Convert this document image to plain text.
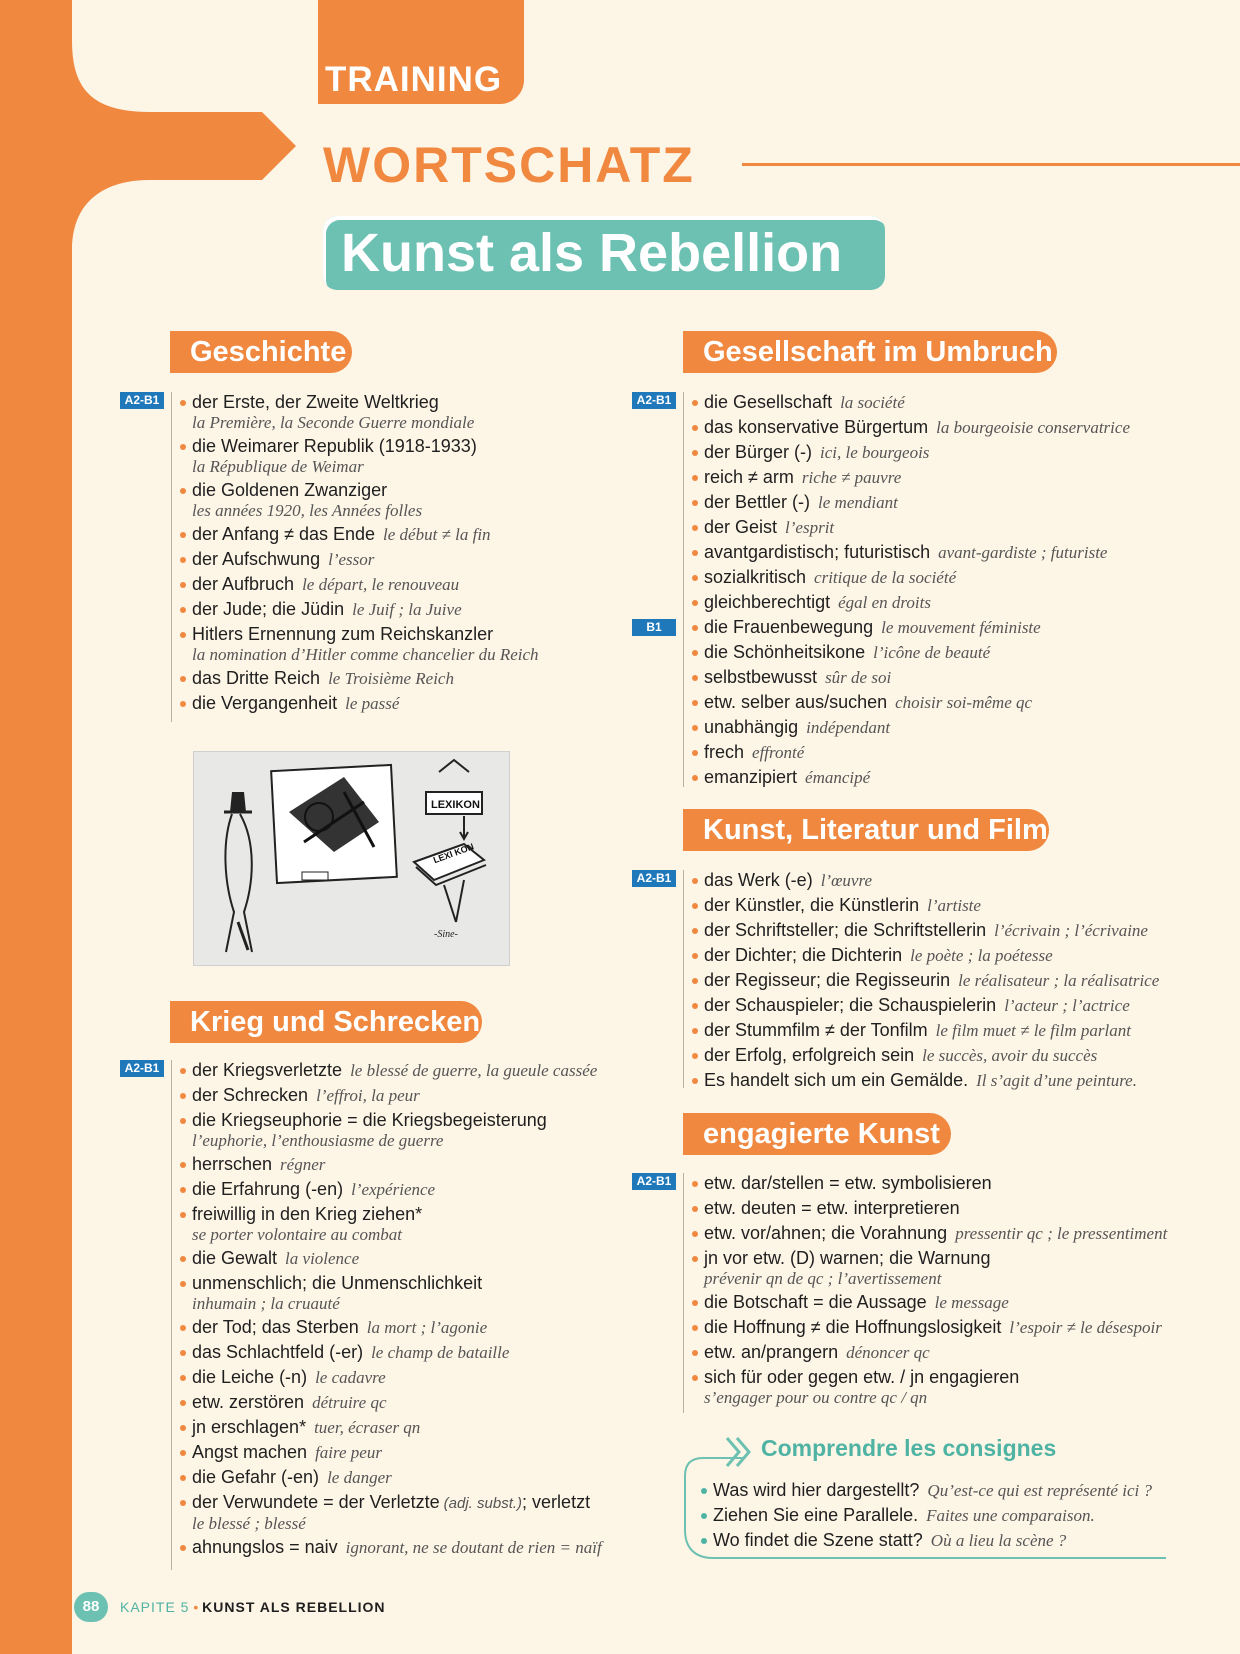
TRAINING
WORTSCHATZ
Kunst als Rebellion
Geschichte
A2-B1	der Erste, der Zweite Weltkrieg
la Première, la Seconde Guerre mondiale
die Weimarer Republik (1918-1933)
la République de Weimar
die Goldenen Zwanziger
les années 1920, les Années folles
der Anfang ≠ das Ende le début ≠ la fin
der Aufschwung l’essor
der Aufbruch le départ, le renouveau
der Jude; die Jüdin le Juif ; la Juive
Hitlers Ernennung zum Reichskanzler
la nomination d’Hitler comme chancelier du Reich
das Dritte Reich le Troisième Reich
die Vergangenheit le passé
LEXIKON
LEXI KON
-Sine-
Krieg und Schrecken
A2-B1	der Kriegsverletzte le blessé de guerre, la gueule cassée
der Schrecken l’effroi, la peur
die Kriegseuphorie = die Kriegsbegeisterung
l’euphorie, l’enthousiasme de guerre
herrschen régner
die Erfahrung (-en) l’expérience
freiwillig in den Krieg ziehen*
se porter volontaire au combat
die Gewalt la violence
unmenschlich; die Unmenschlichkeit
inhumain ; la cruauté
der Tod; das Sterben la mort ; l’agonie
das Schlachtfeld (-er) le champ de bataille
die Leiche (-n) le cadavre
etw. zerstören détruire qc
jn erschlagen* tuer, écraser qn
Angst machen faire peur
die Gefahr (-en) le danger
der Verwundete = der Verletzte (adj. subst.); verletzt
le blessé ; blessé
ahnungslos = naiv ignorant, ne se doutant de rien = naïf
Gesellschaft im Umbruch
A2-B1	die Gesellschaft la société
das konservative Bürgertum la bourgeoisie conservatrice
der Bürger (-) ici, le bourgeois
reich ≠ arm riche ≠ pauvre
der Bettler (-) le mendiant
der Geist l’esprit
avantgardistisch; futuristisch avant-gardiste ; futuriste
sozialkritisch critique de la société
gleichberechtigt égal en droits
B1	die Frauenbewegung le mouvement féministe
die Schönheitsikone l’icône de beauté
selbstbewusst sûr de soi
etw. selber aus/suchen choisir soi-même qc
unabhängig indépendant
frech effronté
emanzipiert émancipé
Kunst, Literatur und Film
A2-B1	das Werk (-e) l’œuvre
der Künstler, die Künstlerin l’artiste
der Schriftsteller; die Schriftstellerin l’écrivain ; l’écrivaine
der Dichter; die Dichterin le poète ; la poétesse
der Regisseur; die Regisseurin le réalisateur ; la réalisatrice
der Schauspieler; die Schauspielerin l’acteur ; l’actrice
der Stummfilm ≠ der Tonfilm le film muet ≠ le film parlant
der Erfolg, erfolgreich sein le succès, avoir du succès
Es handelt sich um ein Gemälde. Il s’agit d’une peinture.
engagierte Kunst
A2-B1	etw. dar/stellen = etw. symbolisieren
etw. deuten = etw. interpretieren
etw. vor/ahnen; die Vorahnung pressentir qc ; le pressentiment
jn vor etw. (D) warnen; die Warnung
prévenir qn de qc ; l’avertissement
die Botschaft = die Aussage le message
die Hoffnung ≠ die Hoffnungslosigkeit l’espoir ≠ le désespoir
etw. an/prangern dénoncer qc
sich für oder gegen etw. / jn engagieren
s’engager pour ou contre qc / qn
Comprendre les consignes
Was wird hier dargestellt? Qu’est-ce qui est représenté ici ?
Ziehen Sie eine Parallele. Faites une comparaison.
Wo findet die Szene statt? Où a lieu la scène ?
88	KAPITE 5 • KUNST ALS REBELLION
